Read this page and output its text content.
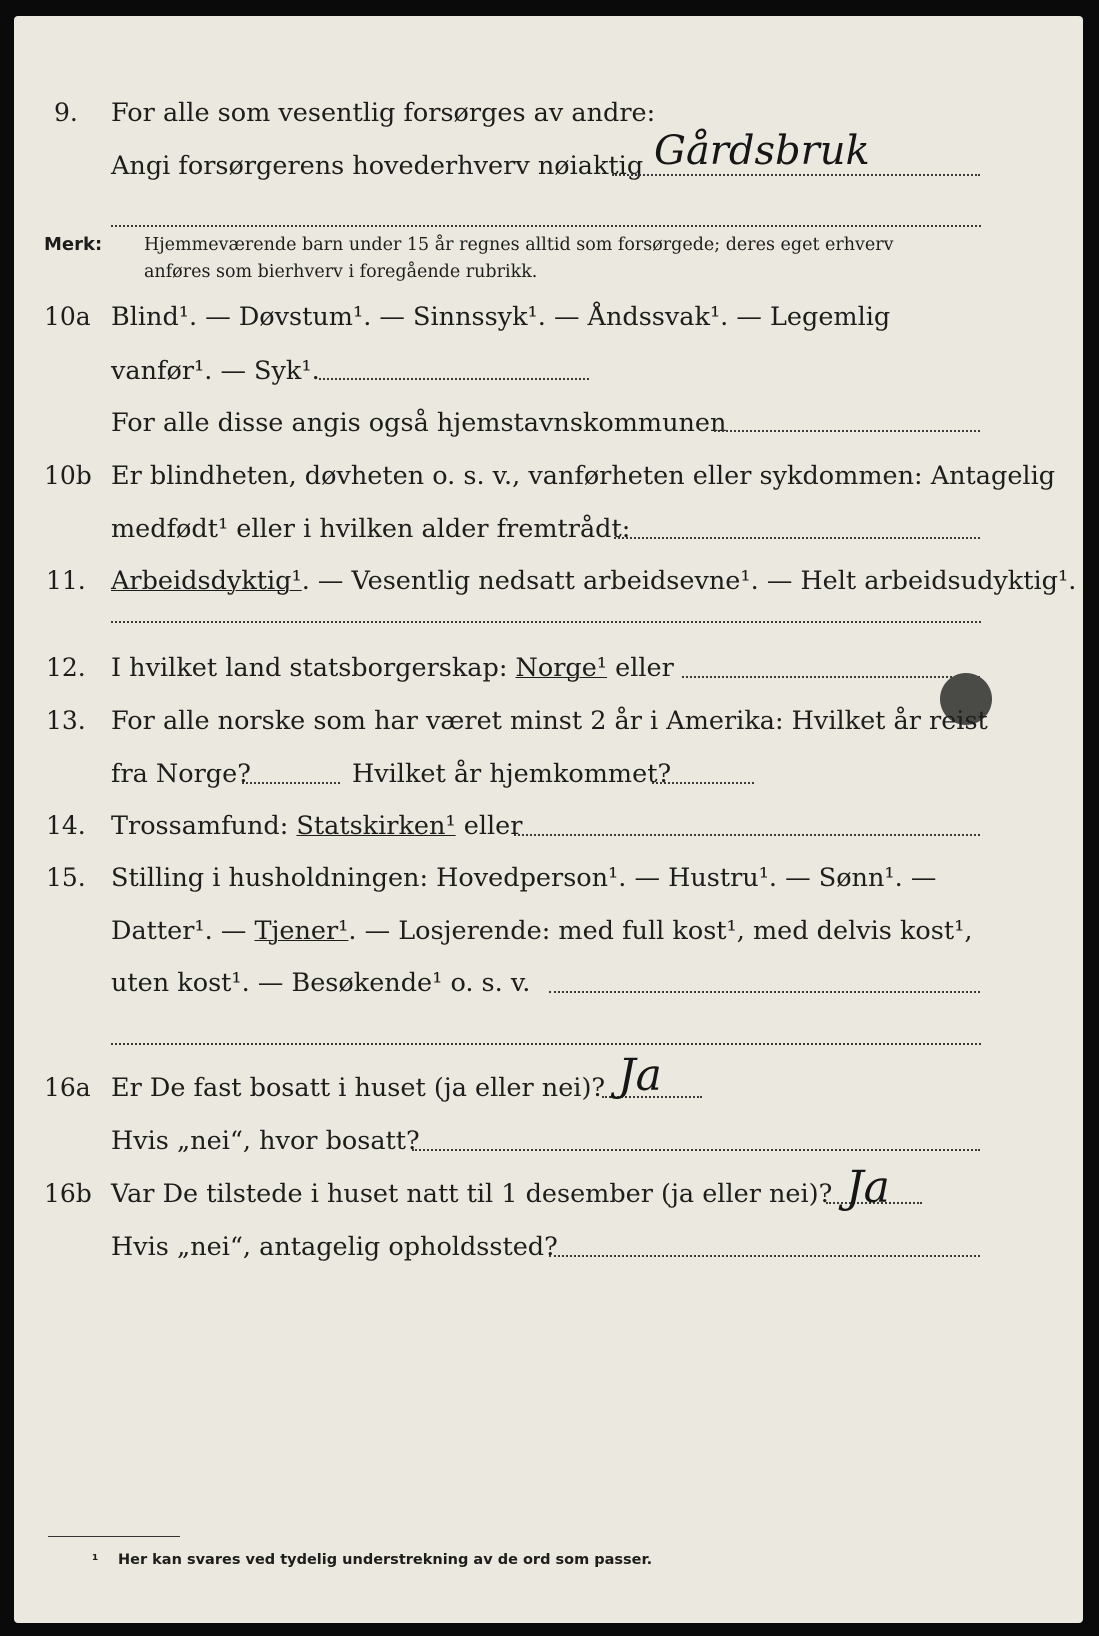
9. For alle som vesentlig forsørges av andre:
Angi forsørgerens hovederhverv nøiaktig Gårdsbruk
Merk: Hjemmeværende barn under 15 år regnes alltid som forsørgede; deres eget erhverv
anføres som bierhverv i foregående rubrikk.
10a Blind¹. — Døvstum¹. — Sinnssyk¹. — Åndssvak¹. — Legemlig
vanfør¹. — Syk¹.
For alle disse angis også hjemstavnskommunen
10b Er blindheten, døvheten o. s. v., vanførheten eller sykdommen: Antagelig
medfødt¹ eller i hvilken alder fremtrådt:
11. Arbeidsdyktig¹. — Vesentlig nedsatt arbeidsevne¹. — Helt arbeidsudyktig¹.
12. I hvilket land statsborgerskap: Norge¹ eller
13. For alle norske som har været minst 2 år i Amerika: Hvilket år reist
fra Norge?	Hvilket år hjemkommet?
14. Trossamfund: Statskirken¹ eller
15. Stilling i husholdningen: Hovedperson¹. — Hustru¹. — Sønn¹. —
Datter¹. — Tjener¹. — Losjerende: med full kost¹, med delvis kost¹,
uten kost¹. — Besøkende¹ o. s. v.
16a Er De fast bosatt i huset (ja eller nei)? Ja
Hvis „nei“, hvor bosatt?
16b Var De tilstede i huset natt til 1 desember (ja eller nei)? Ja
Hvis „nei“, antagelig opholdssted?
¹ Her kan svares ved tydelig understrekning av de ord som passer.
